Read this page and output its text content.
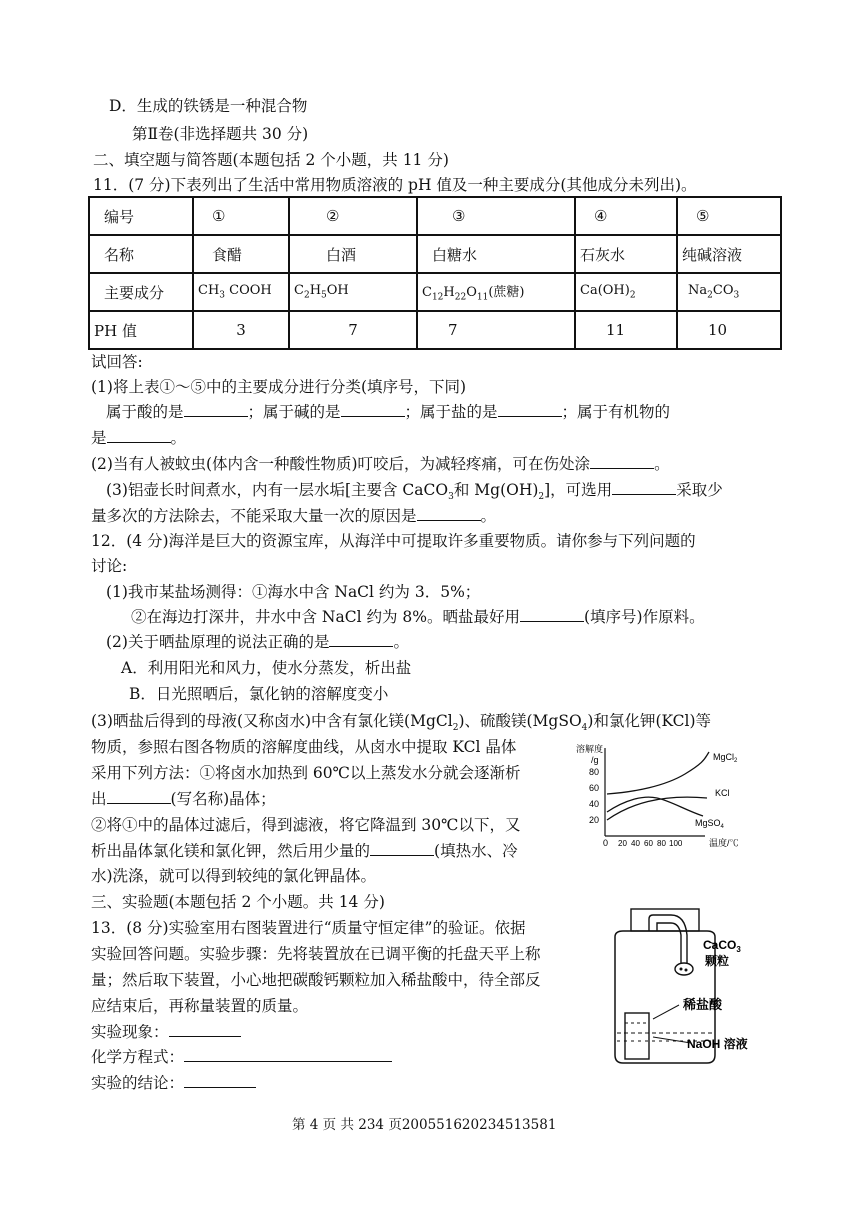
D．生成的铁锈是一种混合物
第Ⅱ卷(非选择题共 30 分)
二、填空题与简答题(本题包括 2 个小题，共 11 分)
11．(7 分)下表列出了生活中常用物质溶液的 pH 值及一种主要成分(其他成分未列出)。
编号	①	②	③	④	⑤
名称	食醋	白酒	白糖水	石灰水	纯碱溶液
主要成分	$CH_3$ COOH	$C_2H_5OH$	$C_{12}H_{22}O_{11}$(蔗糖)	$Ca(OH)_2$	$Na_2CO_3$
PH 值	3	7	7	11	10
试回答:
(1)将上表①～⑤中的主要成分进行分类(填序号，下同)
属于酸的是	；属于碱的是	；属于盐的是	；属于有机物的
是	。
(2)当有人被蚊虫(体内含一种酸性物质)叮咬后，为减轻疼痛，可在伤处涂	。
(3)铝壶长时间煮水，内有一层水垢[主要含 CaCO$_3$和 $Mg(OH)_2$]，可选用	采取少
量多次的方法除去，不能采取大量一次的原因是	。
12．(4 分)海洋是巨大的资源宝库，从海洋中可提取许多重要物质。请你参与下列问题的
讨论:
(1)我市某盐场测得：①海水中含 NaCl 约为 3．5%；
②在海边打深井，井水中含 NaCl 约为 8%。晒盐最好用	(填序号)作原料。
(2)关于晒盐原理的说法正确的是	。
A．利用阳光和风力，使水分蒸发，析出盐
B．日光照晒后，氯化钠的溶解度变小
(3)晒盐后得到的母液(又称卤水)中含有氯化镁(MgCl$_2$)、硫酸镁(MgSO$_4$)和氯化钾(KCl)等
物质，参照右图各物质的溶解度曲线，从卤水中提取 KCl 晶体
采用下列方法：①将卤水加热到 60℃以上蒸发水分就会逐渐析
出	(写名称)晶体；
②将①中的晶体过滤后，得到滤液，将它降温到 30℃以下，又
析出晶体氯化镁和氯化钾，然后用少量的	(填热水、冷
水)洗涤，就可以得到较纯的氯化钾晶体。
溶解度
/g
80
60
40
20
0 20 40 60 80 100	温度/℃
MgCl$_2$
KCl
MgSO$_4$
三、实验题(本题包括 2 个小题。共 14 分)
13．(8 分)实验室用右图装置进行“质量守恒定律”的验证。依据
实验回答问题。实验步骤：先将装置放在已调平衡的托盘天平上称
量；然后取下装置，小心地把碳酸钙颗粒加入稀盐酸中，待全部反
应结束后，再称量装置的质量。
实验现象：
化学方程式：
实验的结论：
CaCO$_3$
颗粒
稀盐酸
NaOH 溶液
第 4 页 共 234 页20055162023451358​1
